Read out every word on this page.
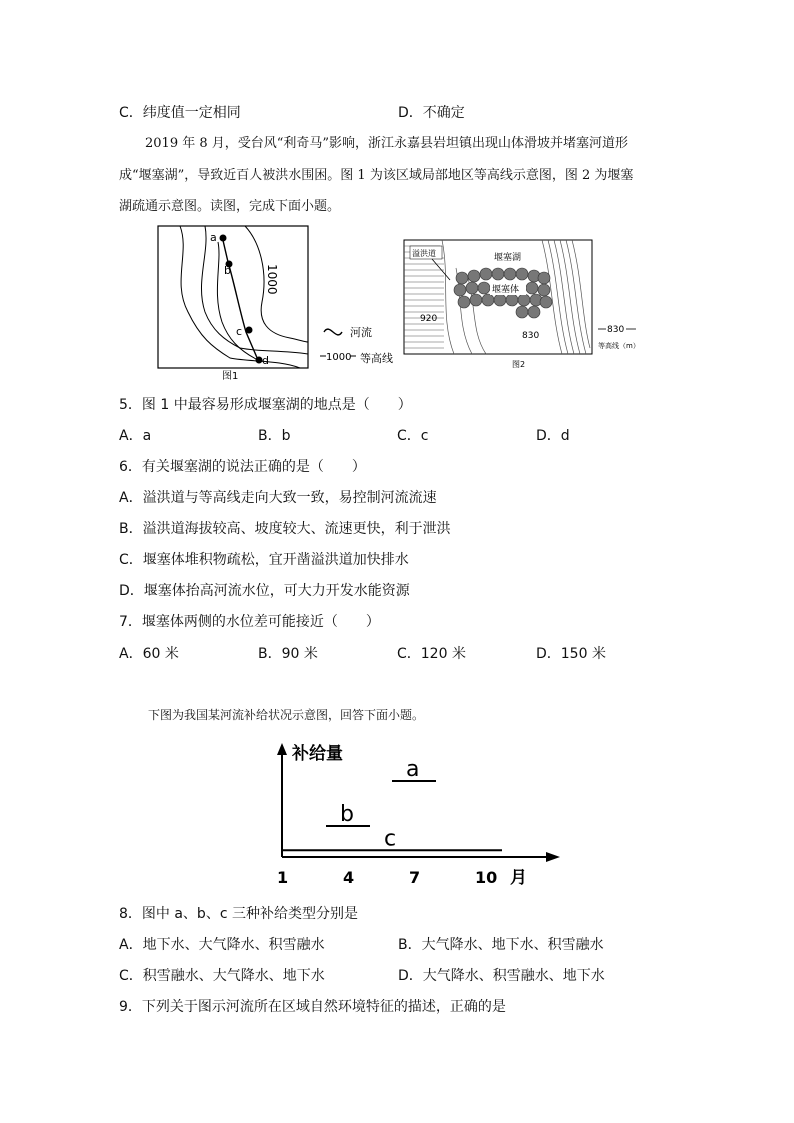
C．纬度值一定相同	D．不确定
2019 年 8 月，受台风“利奇马”影响，浙江永嘉县岩坦镇出现山体滑坡并堵塞河道形
成“堰塞湖”，导致近百人被洪水围困。图 1 为该区域局部地区等高线示意图，图 2 为堰塞
湖疏通示意图。读图，完成下面小题。
a
b
c
d
1000
图1
河流
1000 等高线
堰塞体
堰塞湖
溢洪道
920
830
图2
830
等高线（m）
5．图 1 中最容易形成堰塞湖的地点是（　　）
A．a	B．b	C．c	D．d
6．有关堰塞湖的说法正确的是（　　）
A．溢洪道与等高线走向大致一致，易控制河流流速
B．溢洪道海拔较高、坡度较大、流速更快，利于泄洪
C．堰塞体堆积物疏松，宜开凿溢洪道加快排水
D．堰塞体抬高河流水位，可大力开发水能资源
7．堰塞体两侧的水位差可能接近（　　）
A．60 米	B．90 米	C．120 米	D．150 米
下图为我国某河流补给状况示意图，回答下面小题。
补给量
月
1	4	7	10
a
b
c
8．图中 a、b、c 三种补给类型分别是
A．地下水、大气降水、积雪融水	B．大气降水、地下水、积雪融水
C．积雪融水、大气降水、地下水	D．大气降水、积雪融水、地下水
9．下列关于图示河流所在区域自然环境特征的描述，正确的是
